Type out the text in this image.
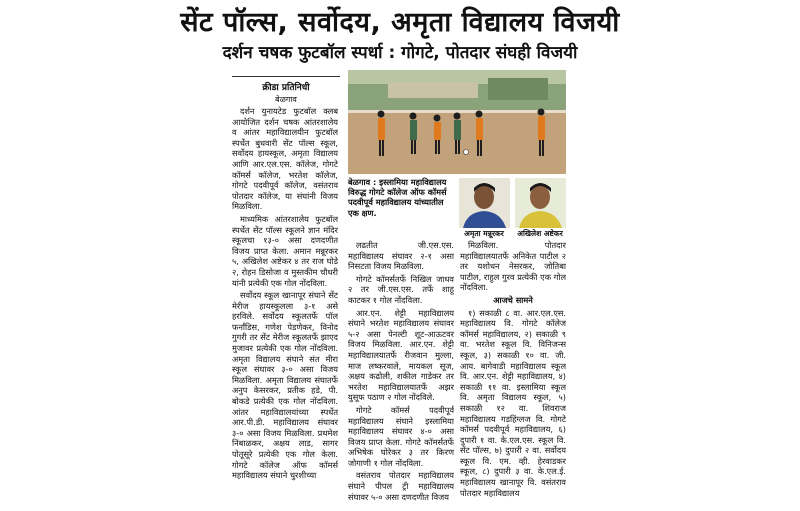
सेंट पॉल्स, सर्वोदय, अमृता विद्यालय विजयी
दर्शन चषक फुटबॉल स्पर्धा : गोगटे, पोतदार संघही विजयी
क्रीडा प्रतिनिधी
बेळगाव

दर्शन युनायटेड फुटबॉल क्लब आयोजित दर्शन चषक आंतरशालेय व आंतर महाविद्यालयीन फुटबॉल स्पर्धेत बुधवारी सेंट पॉल्स स्कूल, सर्वोदय हायस्कूल, अमृता विद्यालय आणि आर.एल.एस. कॉलेज, गोगटे कॉमर्स कॉलेज, भरतेश कॉलेज, गोगटे पदवीपूर्व कॉलेज, वसंतराव पोतदार कॉलेज, या संघांनी विजय मिळविला.

माध्यमिक आंतरशालेय फुटबॉल स्पर्धेत सेंट पॉल्स स्कूलने ज्ञान मंदिर स्कूलचा १३-० असा दणदणीत विजय प्राप्त केला. अमान मन्नूरकर ५, अखिलेश अष्टेकर ४ तर राज घोडे २, रोहन डिसोजा व मुस्तकीम चौधरी यांनी प्रत्येकी एक गोल नोंदविला.

सर्वोदय स्कूल खानापूर संघाने सेंट मेरीज हायस्कूलला ३-१ असे हरविले. सर्वोदय स्कूलतर्फे पॉल फर्नांडिस, गणेश पेडणेकर, विनोद गुगरी तर सेंट मेरीज स्कूलतर्फे झाएद मुजावर प्रत्येकी एक गोल नोंदविला. अमृता विद्यालय संघाने संत मीरा स्कूल संघावर ३-० असा विजय मिळविला. अमृता विद्यालय संघातर्फे अनुप केसरकर, प्रतीक हडे, पी. बोकडे प्रत्येकी एक गोल नोंदविला. आंतर महाविद्यालयांच्या स्पर्धेत आर.पी.डी. महाविद्यालय संघावर ३-० असा विजय मिळविला. प्रथमेश निंबाळकर, अक्षय लाड, सागर पोतूसूरे प्रत्येकी एक गोल केला. गोगटे कॉलेज ऑफ कॉमर्स महाविद्यालय संघाने चुरशीच्या

बेळगाव : इस्लामिया महाविद्यालय विरुद्ध गोगटे कॉलेज ऑफ कॉमर्स पदवीपूर्व महाविद्यालय यांच्यातील एक क्षण.
अमृता मन्नूरकर	अखिलेश अष्टेकर

लढतीत जी.एस.एस. महाविद्यालय संघावर २-१ असा निसटता विजय मिळविला.

गोगटे कॉमर्सतर्फे निखिल जाधव २ तर जी.एस.एस. तर्फे शाहू काटकर १ गोल नोंदविला.

आर.एन. शेट्टी महाविद्यालय संघाने भरतेश महाविद्यालय संघावर ५-२ असा पेनल्टी शूट-आऊटवर विजय मिळविला. आर.एन. शेट्टी महाविद्यालयातर्फे रीजवान मुल्ला, माज लष्करवाले, मायकल सूज, अक्षय कढोली, शकील गाडेकर तर भरतेश महाविद्यालयातर्फे अझर युसूफ पठाण २ गोल नोंदविले.

गोगटे कॉमर्स पदवीपूर्व महाविद्यालय संघाने इस्लामिया महाविद्यालय संघावर ४-० असा विजय प्राप्त केला. गोगटे कॉमर्सतर्फे अभिषेक घोरेकर ३ तर किरण जोगाणी १ गोल नोंदविला.

वसंतराव पोतदार महाविद्यालय संघाने पीपल ट्री महाविद्यालय संघावर ५-० असा दणदणीत विजय

मिळविला. पोतदार महाविद्यालयातर्फे अनिकेत पाटील २ तर यशोधन नेसरकर, जोतिबा पाटील, राहुल गुरव प्रत्येकी एक गोल नोंदविला.

आजचे सामने

१) सकाळी ८ वा. आर.एल.एस. महाविद्यालय वि. गोगटे कॉलेज कॉमर्स महाविद्यालय, २) सकाळी ९ वा. भरतेश स्कूल वि. विनिजन्स स्कूल, ३) सकाळी १० वा. जी. आय. बागेवाडी महाविद्यालय स्कूल वि. आर.एन. शेट्टी महाविद्यालय, ४) सकाळी ११ वा. इस्लामिया स्कूल वि. अमृता विद्यालय स्कूल, ५) सकाळी १२ वा. शिवराज महाविद्यालय गडहिंग्लज वि. गोगटे कॉमर्स पदवीपूर्व महाविद्यालय, ६) दुपारी १ वा. के.एल.एस. स्कूल वि. सेंट पॉल्स, ७) दुपारी २ वा. सर्वोदय स्कूल वि. एम. व्ही. हेरवाडकर स्कूल, ८) दुपारी ३ वा. के.एल.ई. महाविद्यालय खानापूर वि. वसंतराव पोतदार महाविद्यालय
